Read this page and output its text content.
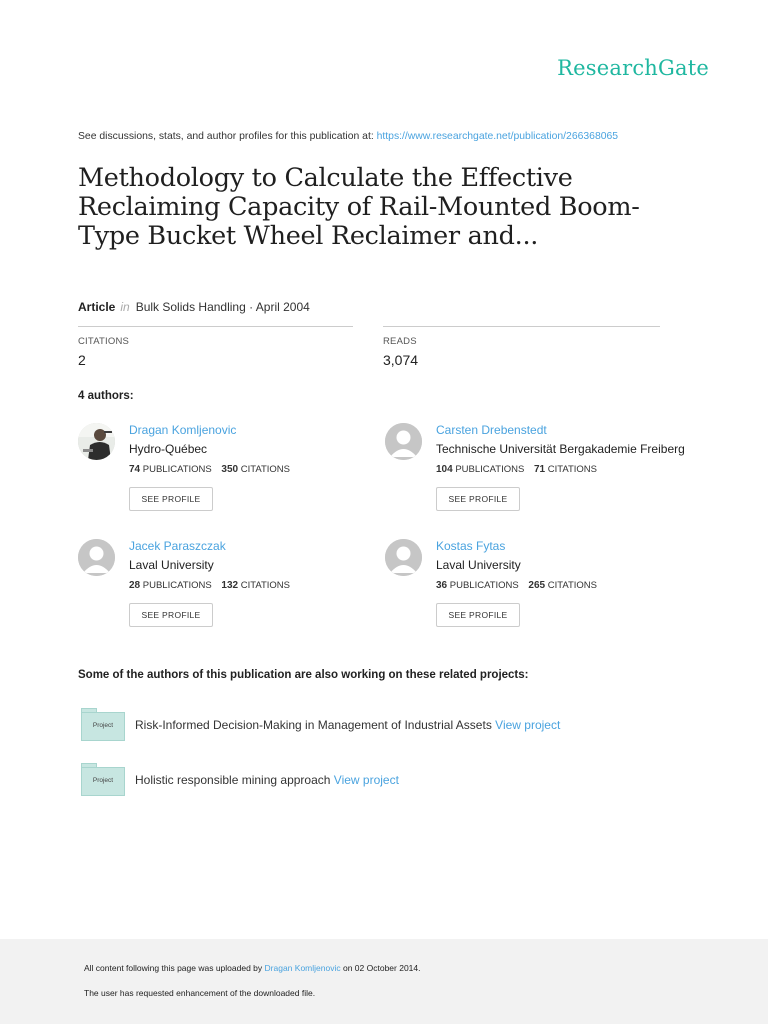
ResearchGate
See discussions, stats, and author profiles for this publication at: https://www.researchgate.net/publication/266368065
Methodology to Calculate the Effective Reclaiming Capacity of Rail-Mounted Boom-Type Bucket Wheel Reclaimer and...
Article in Bulk Solids Handling · April 2004
CITATIONS
2
READS
3,074
4 authors:
Dragan Komljenovic
Hydro-Québec
74 PUBLICATIONS 350 CITATIONS
SEE PROFILE
Carsten Drebenstedt
Technische Universität Bergakademie Freiberg
104 PUBLICATIONS 71 CITATIONS
SEE PROFILE
Jacek Paraszczak
Laval University
28 PUBLICATIONS 132 CITATIONS
SEE PROFILE
Kostas Fytas
Laval University
36 PUBLICATIONS 265 CITATIONS
SEE PROFILE
Some of the authors of this publication are also working on these related projects:
Project	Risk-Informed Decision-Making in Management of Industrial Assets View project
Project	Holistic responsible mining approach View project
All content following this page was uploaded by Dragan Komljenovic on 02 October 2014.
The user has requested enhancement of the downloaded file.
